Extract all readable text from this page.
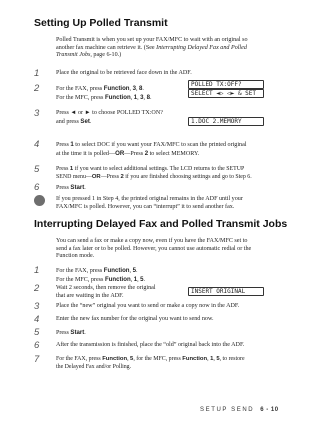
Setting Up Polled Transmit

Polled Transmit is when you set up your FAX/MFC to wait with an original so
another fax machine can retrieve it. (See Interrupting Delayed Fax and Polled
Transmit Jobs, page 6-10.)

1	Place the original to be retrieved face down in the ADF.
2	For the FAX, press Function, 3, 8.
For the MFC, press Function, 1, 3, 8.
POLLED TX:OFF?
SELECT ◄▷ ◁► & SET
3	Press ◄ or ► to choose POLLED TX:ON?
and press Set.	1.DOC 2.MEMORY
4	Press 1 to select DOC if you want your FAX/MFC to scan the printed original
at the time it is polled—OR—Press 2 to select MEMORY.
5	Press 1 if you want to select additional settings. The LCD returns to the SETUP
SEND menu—OR—Press 2 if you are finished choosing settings and go to Step 6.
6	Press Start.

If you pressed 1 in Step 4, the printed original remains in the ADF until your
FAX/MFC is polled. However, you can “interrupt” it to send another fax.

Interrupting Delayed Fax and Polled Transmit Jobs

You can send a fax or make a copy now, even if you have the FAX/MFC set to
send a fax later or to be polled. However, you cannot use automatic redial or the
Function mode.

1	For the FAX, press Function, 5.
For the MFC, press Function, 1, 5.
2	Wait 2 seconds, then remove the original
that are waiting in the ADF.
INSERT ORIGINAL
3	Place the “new” original you want to send or make a copy now in the ADF.
4	Enter the new fax number for the original you want to send now.
5	Press Start.
6	After the transmission is finished, place the “old” original back into the ADF.
7	For the FAX, press Function, 5, for the MFC, press Function, 1, 5, to restore
the Delayed Fax and/or Polling.
SETUP SEND 6 - 10
